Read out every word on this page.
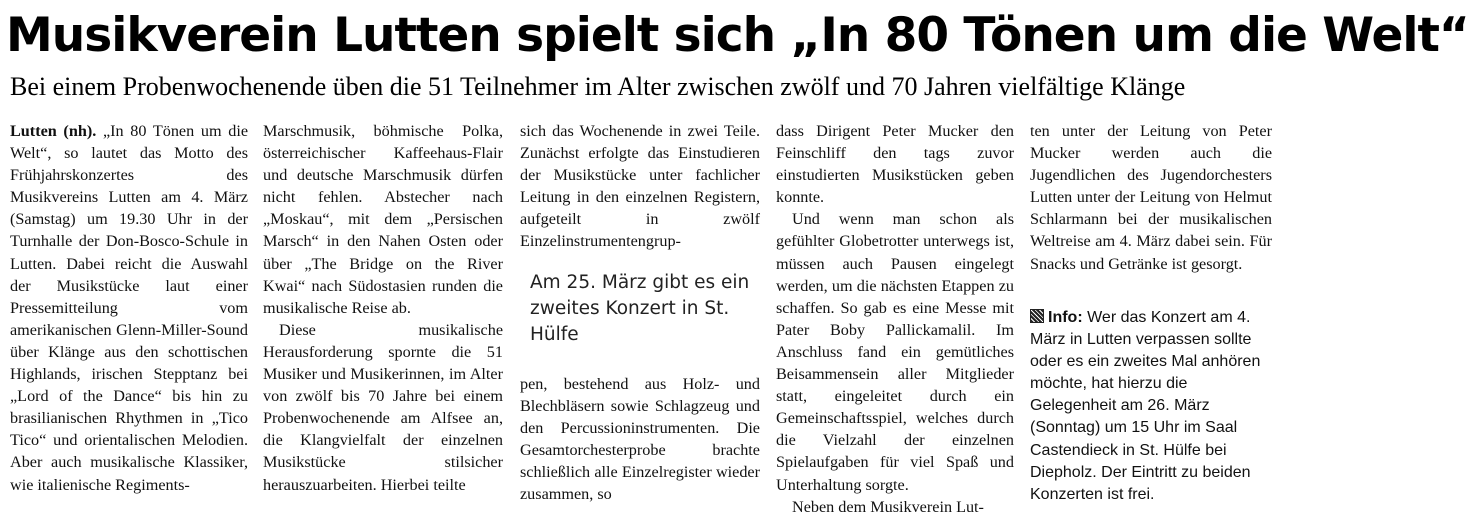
Musikverein Lutten spielt sich „In 80 Tönen um die Welt“
Bei einem Probenwochenende üben die 51 Teilnehmer im Alter zwischen zwölf und 70 Jahren vielfältige Klänge

Lutten (nh). „In 80 Tönen um die Welt“, so lautet das Motto des Frühjahrskonzertes des Musikvereins Lutten am 4. März (Samstag) um 19.30 Uhr in der Turnhalle der Don-Bosco-Schule in Lutten. Dabei reicht die Auswahl der Musikstücke laut einer Pressemitteilung vom amerikanischen Glenn-Miller-Sound über Klänge aus den schottischen Highlands, irischen Stepptanz bei „Lord of the Dance“ bis hin zu brasilianischen Rhythmen in „Tico Tico“ und orientalischen Melodien. Aber auch musikalische Klassiker, wie italienische Regiments-

Marschmusik, böhmische Polka, österreichischer Kaffeehaus-Flair und deutsche Marschmusik dürfen nicht fehlen. Abstecher nach „Moskau“, mit dem „Persischen Marsch“ in den Nahen Osten oder über „The Bridge on the River Kwai“ nach Südostasien runden die musikalische Reise ab.

Diese musikalische Herausforderung spornte die 51 Musiker und Musikerinnen, im Alter von zwölf bis 70 Jahre bei einem Probenwochenende am Alfsee an, die Klangvielfalt der einzelnen Musikstücke stilsicher herauszuarbeiten. Hierbei teilte

sich das Wochenende in zwei Teile. Zunächst erfolgte das Einstudieren der Musikstücke unter fachlicher Leitung in den einzelnen Registern, aufgeteilt in zwölf Einzelinstrumentengrup-

Am 25. März gibt es ein zweites Konzert in St. Hülfe

pen, bestehend aus Holz- und Blechbläsern sowie Schlagzeug und den Percussioninstrumenten. Die Gesamtorchesterprobe brachte schließlich alle Einzelregister wieder zusammen, so

dass Dirigent Peter Mucker den Feinschliff den tags zuvor einstudierten Musikstücken geben konnte.

Und wenn man schon als gefühlter Globetrotter unterwegs ist, müssen auch Pausen eingelegt werden, um die nächsten Etappen zu schaffen. So gab es eine Messe mit Pater Boby Pallickamalil. Im Anschluss fand ein gemütliches Beisammensein aller Mitglieder statt, eingeleitet durch ein Gemeinschaftsspiel, welches durch die Vielzahl der einzelnen Spielaufgaben für viel Spaß und Unterhaltung sorgte.

Neben dem Musikverein Lut-

ten unter der Leitung von Peter Mucker werden auch die Jugendlichen des Jugendorchesters Lutten unter der Leitung von Helmut Schlarmann bei der musikalischen Weltreise am 4. März dabei sein. Für Snacks und Getränke ist gesorgt.

Info: Wer das Konzert am 4. März in Lutten verpassen sollte oder es ein zweites Mal anhören möchte, hat hierzu die Gelegenheit am 26. März (Sonntag) um 15 Uhr im Saal Castendieck in St. Hülfe bei Diepholz. Der Eintritt zu beiden Konzerten ist frei.
